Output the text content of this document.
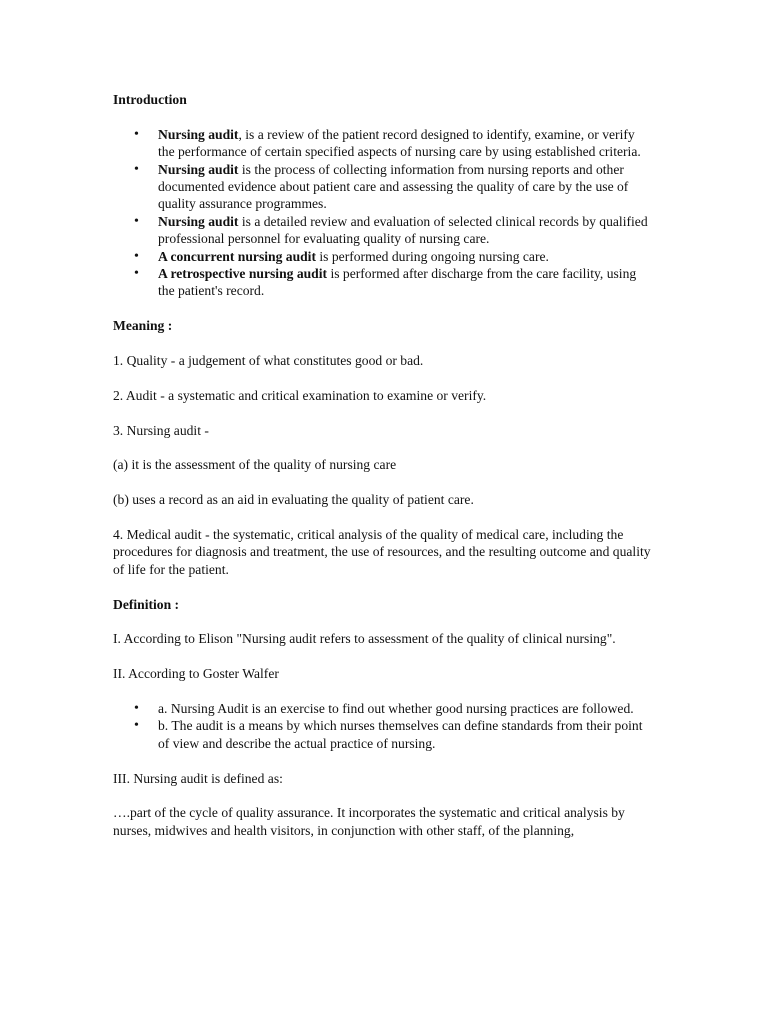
Introduction

• Nursing audit, is a review of the patient record designed to identify, examine, or verify the performance of certain specified aspects of nursing care by using established criteria.
• Nursing audit is the process of collecting information from nursing reports and other documented evidence about patient care and assessing the quality of care by the use of quality assurance programmes.
• Nursing audit is a detailed review and evaluation of selected clinical records by qualified professional personnel for evaluating quality of nursing care.
• A concurrent nursing audit is performed during ongoing nursing care.
• A retrospective nursing audit is performed after discharge from the care facility, using the patient's record.

Meaning :

1. Quality - a judgement of what constitutes good or bad.

2. Audit - a systematic and critical examination to examine or verify.

3. Nursing audit -

(a) it is the assessment of the quality of nursing care

(b) uses a record as an aid in evaluating the quality of patient care.

4. Medical audit - the systematic, critical analysis of the quality of medical care, including the procedures for diagnosis and treatment, the use of resources, and the resulting outcome and quality of life for the patient.

Definition :

I. According to Elison "Nursing audit refers to assessment of the quality of clinical nursing".

II. According to Goster Walfer

• a. Nursing Audit is an exercise to find out whether good nursing practices are followed.
• b. The audit is a means by which nurses themselves can define standards from their point of view and describe the actual practice of nursing.

III. Nursing audit is defined as:

….part of the cycle of quality assurance. It incorporates the systematic and critical analysis by nurses, midwives and health visitors, in conjunction with other staff, of the planning,
